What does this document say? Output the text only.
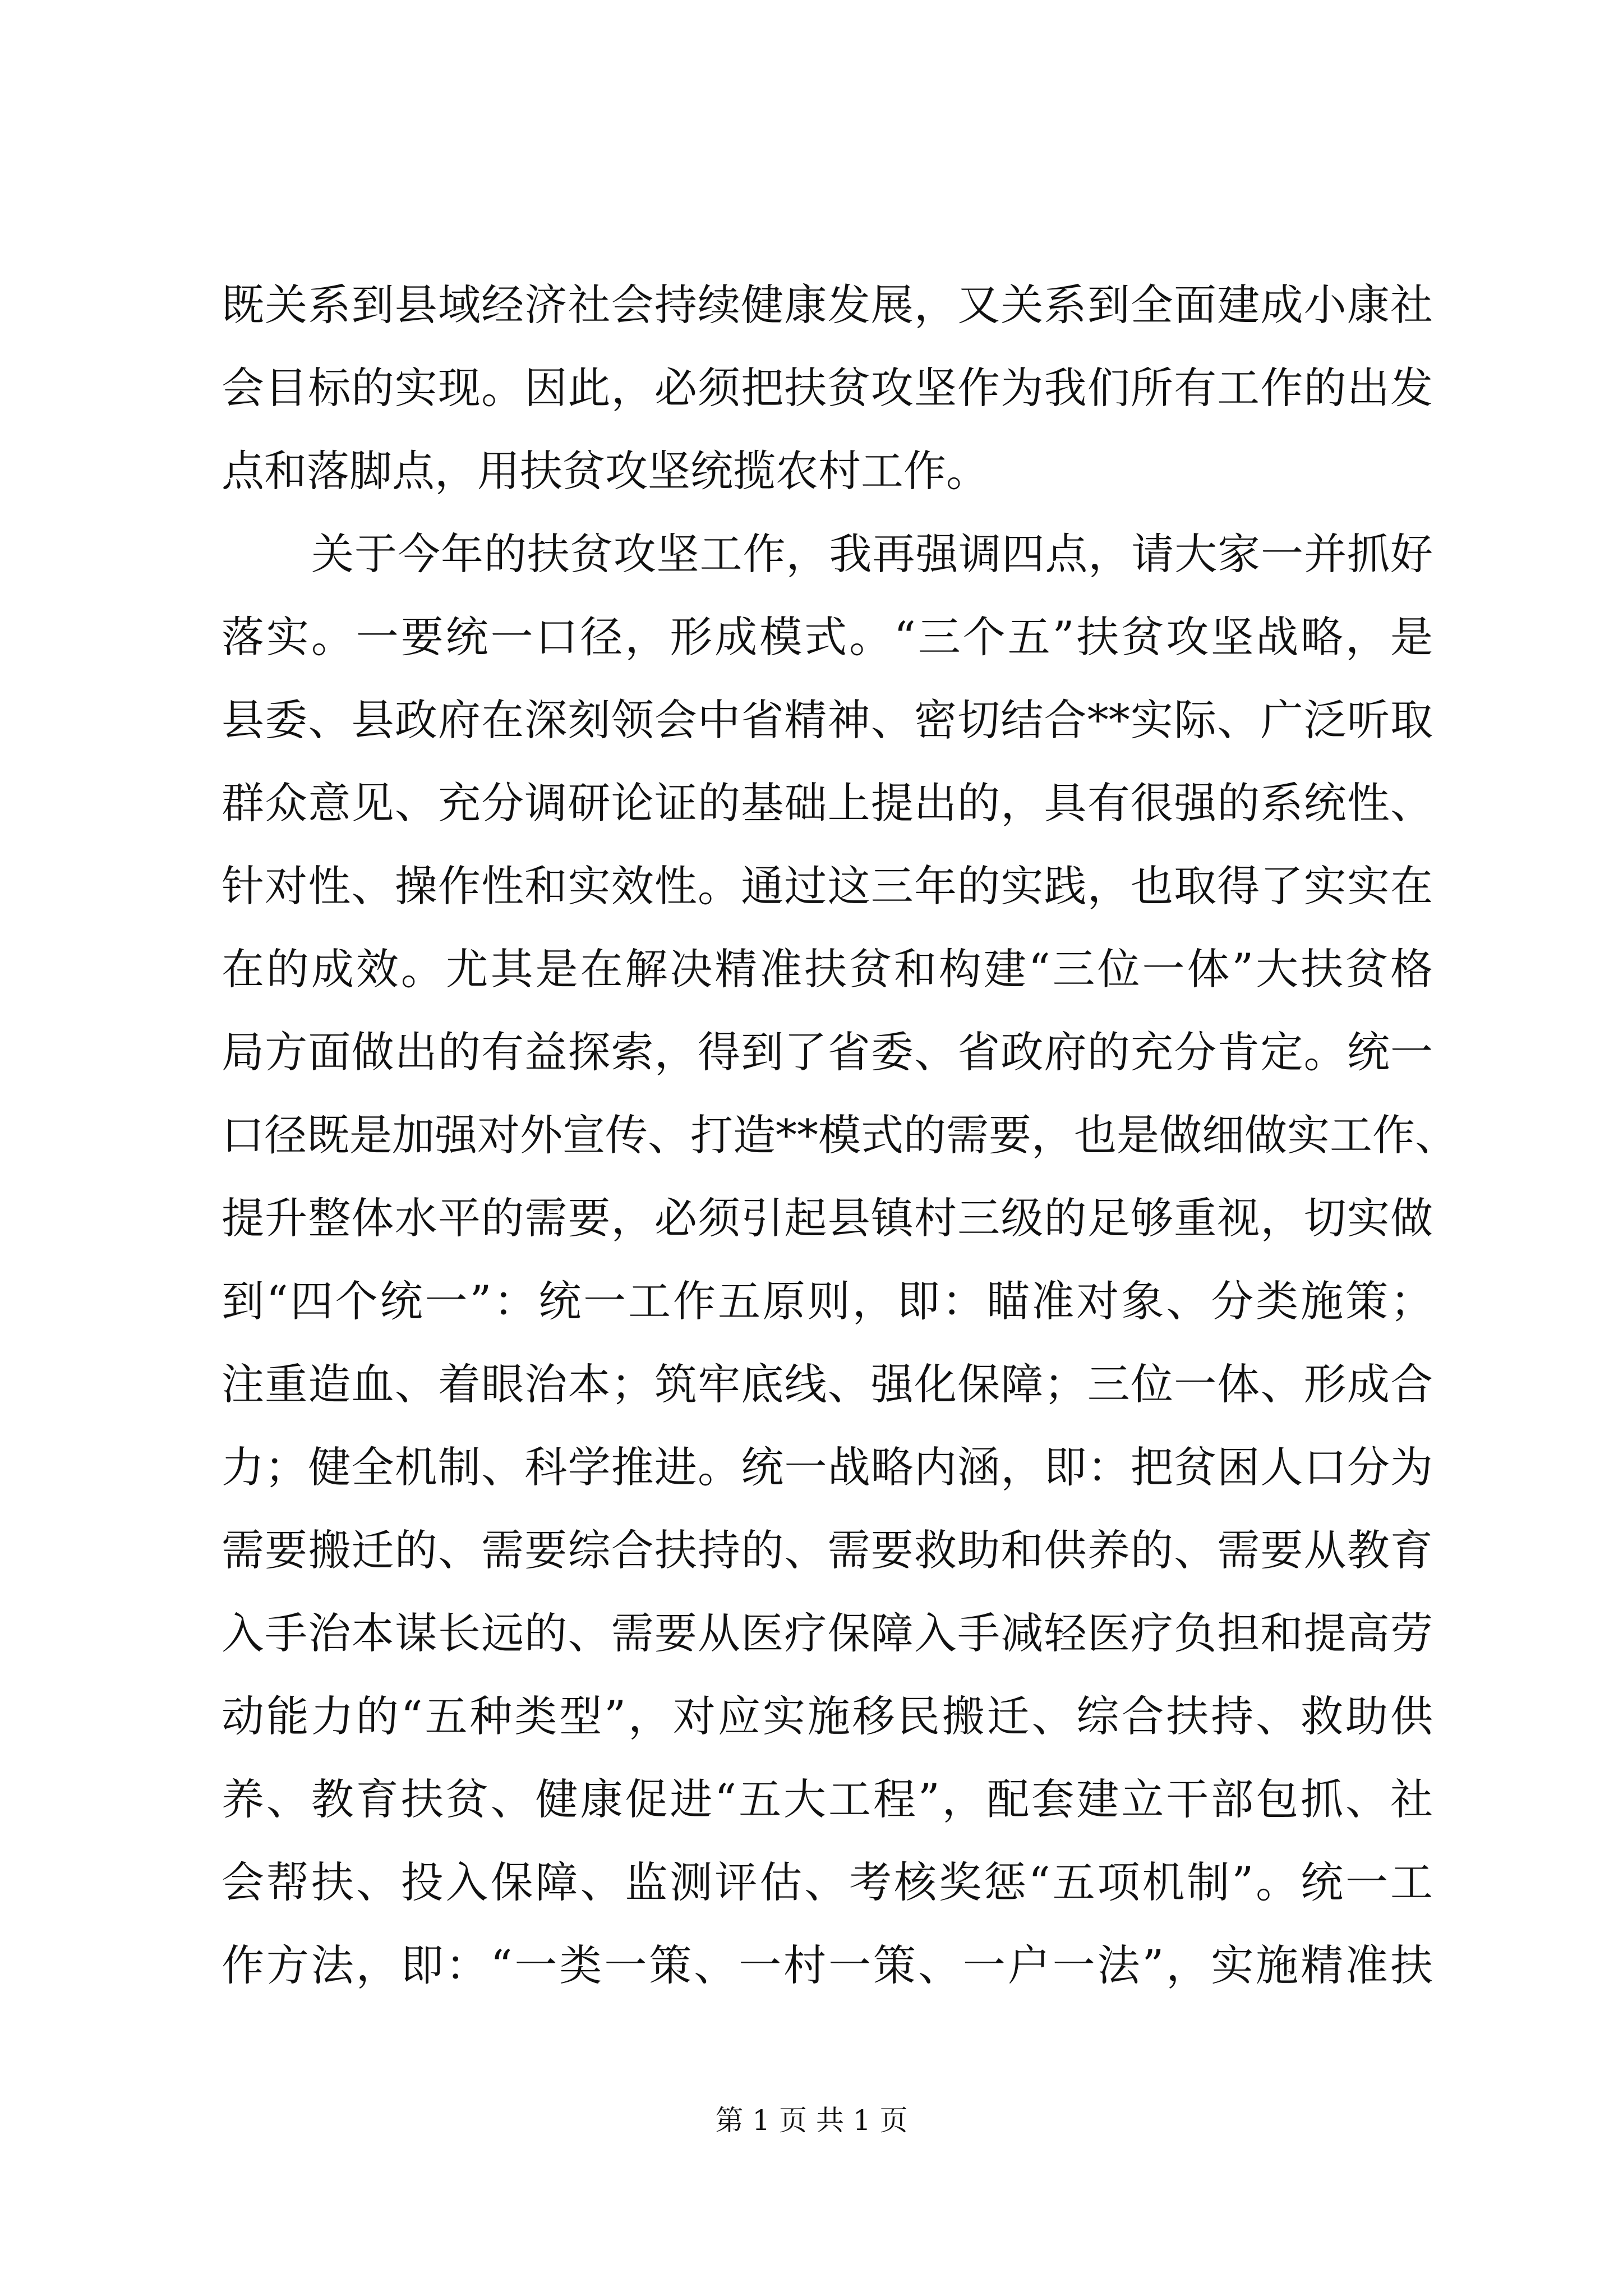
既关系到县域经济社会持续健康发展，又关系到全面建成小康社
会目标的实现。因此，必须把扶贫攻坚作为我们所有工作的出发
点和落脚点，用扶贫攻坚统揽农村工作。
关于今年的扶贫攻坚工作，我再强调四点，请大家一并抓好
落实。一要统一口径，形成模式。“三个五”扶贫攻坚战略，是
县委、县政府在深刻领会中省精神、密切结合**实际、广泛听取
群众意见、充分调研论证的基础上提出的，具有很强的系统性、
针对性、操作性和实效性。通过这三年的实践，也取得了实实在
在的成效。尤其是在解决精准扶贫和构建“三位一体”大扶贫格
局方面做出的有益探索，得到了省委、省政府的充分肯定。统一
口径既是加强对外宣传、打造**模式的需要，也是做细做实工作、
提升整体水平的需要，必须引起县镇村三级的足够重视，切实做
到“四个统一”：统一工作五原则，即：瞄准对象、分类施策；
注重造血、着眼治本；筑牢底线、强化保障；三位一体、形成合
力；健全机制、科学推进。统一战略内涵，即：把贫困人口分为
需要搬迁的、需要综合扶持的、需要救助和供养的、需要从教育
入手治本谋长远的、需要从医疗保障入手减轻医疗负担和提高劳
动能力的“五种类型”，对应实施移民搬迁、综合扶持、救助供
养、教育扶贫、健康促进“五大工程”，配套建立干部包抓、社
会帮扶、投入保障、监测评估、考核奖惩“五项机制”。统一工
作方法，即：“一类一策、一村一策、一户一法”，实施精准扶
第 1 页 共 1 页
